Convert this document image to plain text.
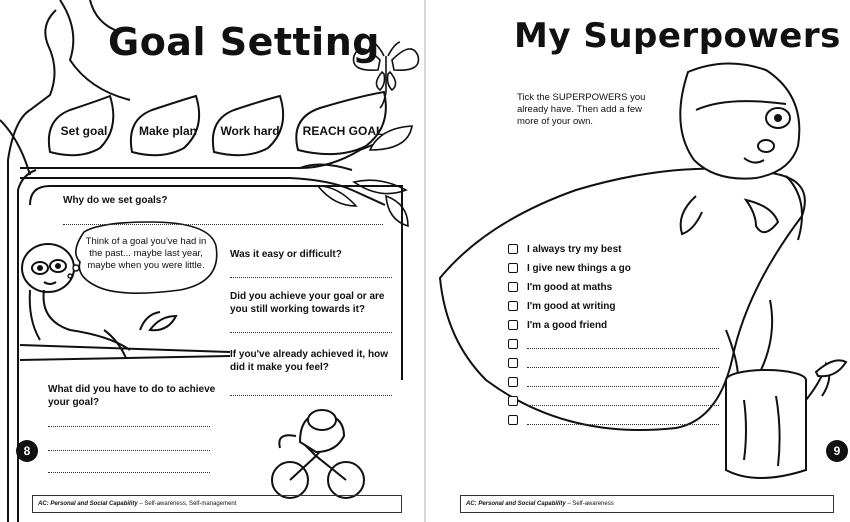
Goal Setting
Set goal	Make plan	Work hard	REACH GOAL
Why do we set goals?
Think of a goal you've had in the past... maybe last year, maybe when you were little.
Was it easy or difficult?
Did you achieve your goal or are you still working towards it?
If you've already achieved it, how did it make you feel?
What did you have to do to achieve your goal?
8
AC: Personal and Social Capability – Self-awareness, Self-management
My Superpowers
Tick the SUPERPOWERS you already have. Then add a few more of your own.
I always try my best
I give new things a go
I'm good at maths
I'm good at writing
I'm a good friend
9
AC: Personal and Social Capability – Self-awareness
